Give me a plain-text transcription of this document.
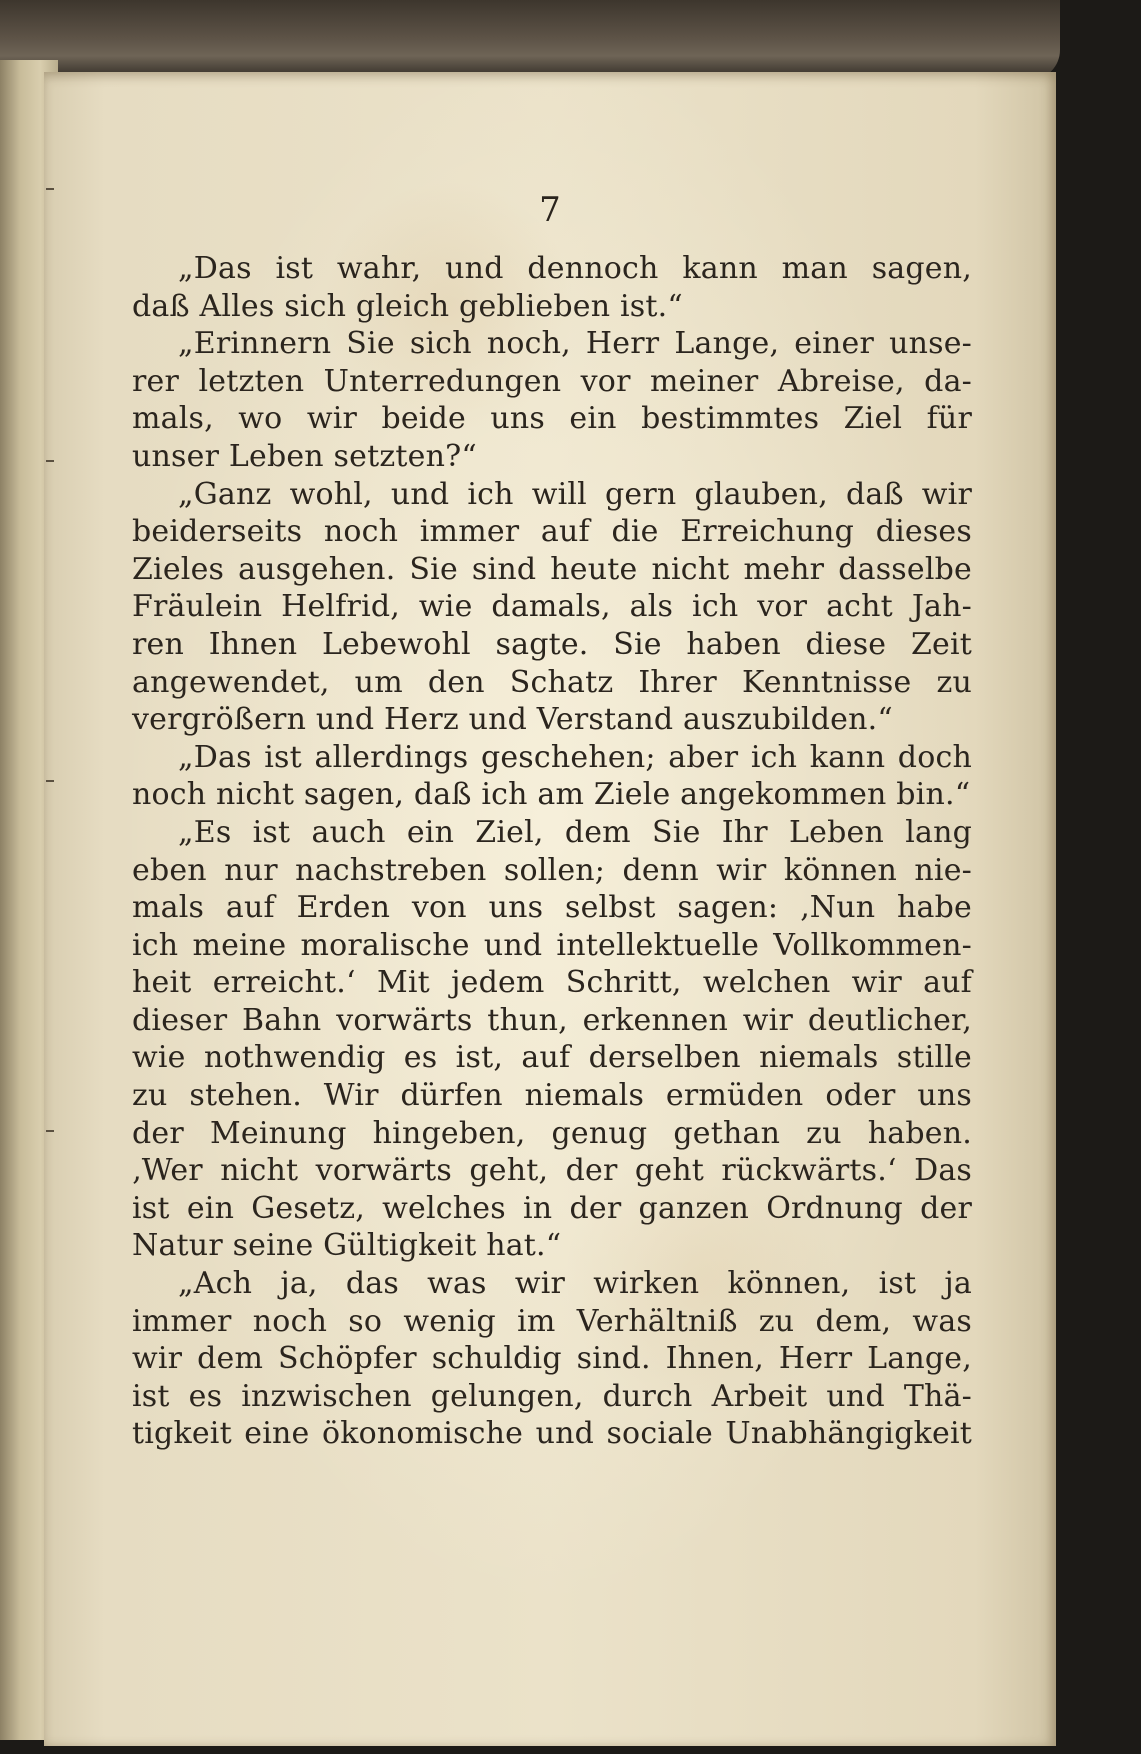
7
„Das ist wahr, und dennoch kann man sagen,
daß Alles sich gleich geblieben ist.“
„Erinnern Sie sich noch, Herr Lange, einer unse-
rer letzten Unterredungen vor meiner Abreise, da-
mals, wo wir beide uns ein bestimmtes Ziel für
unser Leben setzten?“
„Ganz wohl, und ich will gern glauben, daß wir
beiderseits noch immer auf die Erreichung dieses
Zieles ausgehen. Sie sind heute nicht mehr dasselbe
Fräulein Helfrid, wie damals, als ich vor acht Jah-
ren Ihnen Lebewohl sagte. Sie haben diese Zeit
angewendet, um den Schatz Ihrer Kenntnisse zu
vergrößern und Herz und Verstand auszubilden.“
„Das ist allerdings geschehen; aber ich kann doch
noch nicht sagen, daß ich am Ziele angekommen bin.“
„Es ist auch ein Ziel, dem Sie Ihr Leben lang
eben nur nachstreben sollen; denn wir können nie-
mals auf Erden von uns selbst sagen: ‚Nun habe
ich meine moralische und intellektuelle Vollkommen-
heit erreicht.‘ Mit jedem Schritt, welchen wir auf
dieser Bahn vorwärts thun, erkennen wir deutlicher,
wie nothwendig es ist, auf derselben niemals stille
zu stehen. Wir dürfen niemals ermüden oder uns
der Meinung hingeben, genug gethan zu haben.
‚Wer nicht vorwärts geht, der geht rückwärts.‘ Das
ist ein Gesetz, welches in der ganzen Ordnung der
Natur seine Gültigkeit hat.“
„Ach ja, das was wir wirken können, ist ja
immer noch so wenig im Verhältniß zu dem, was
wir dem Schöpfer schuldig sind. Ihnen, Herr Lange,
ist es inzwischen gelungen, durch Arbeit und Thä-
tigkeit eine ökonomische und sociale Unabhängigkeit
